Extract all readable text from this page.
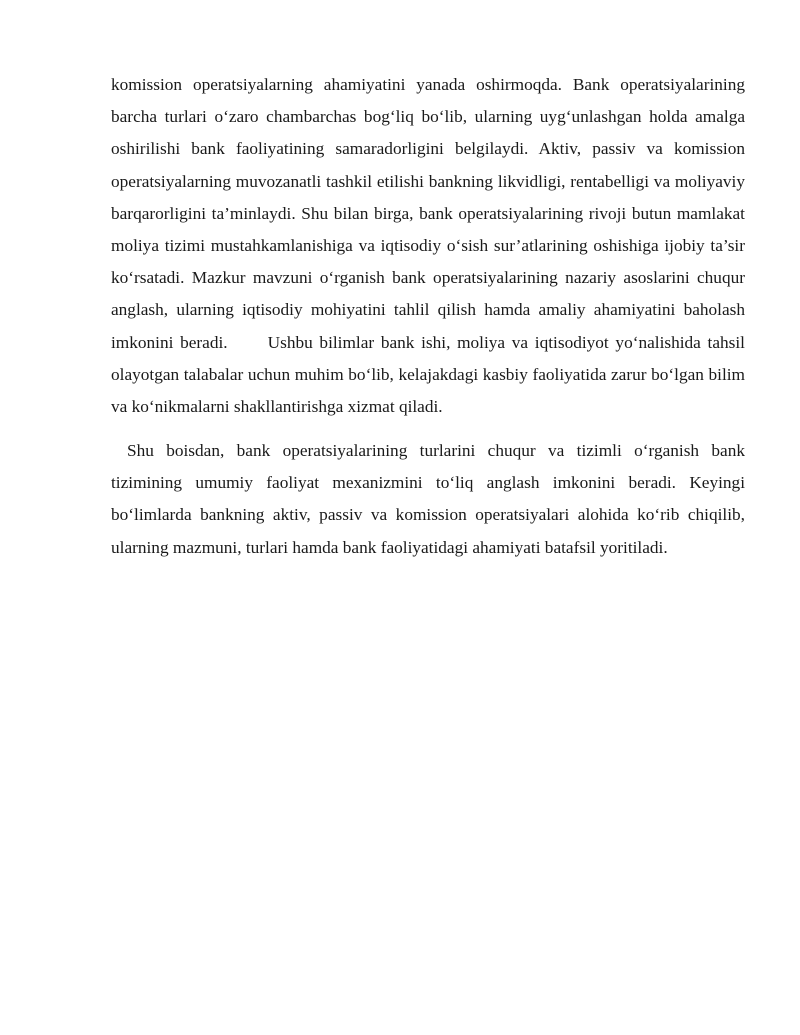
komission operatsiyalarning ahamiyatini yanada oshirmoqda. Bank operatsiyalarining barcha turlari o‘zaro chambarchas bog‘liq bo‘lib, ularning uyg‘unlashgan holda amalga oshirilishi bank faoliyatining samaradorligini belgilaydi. Aktiv, passiv va komission operatsiyalarning muvozanatli tashkil etilishi bankning likvidligi, rentabelligi va moliyaviy barqarorligini ta’minlaydi. Shu bilan birga, bank operatsiyalarining rivoji butun mamlakat moliya tizimi mustahkamlanishiga va iqtisodiy o‘sish sur’atlarining oshishiga ijobiy ta’sir ko‘rsatadi. Mazkur mavzuni o‘rganish bank operatsiyalarining nazariy asoslarini chuqur anglash, ularning iqtisodiy mohiyatini tahlil qilish hamda amaliy ahamiyatini baholash imkonini beradi. Ushbu bilimlar bank ishi, moliya va iqtisodiyot yo‘nalishida tahsil olayotgan talabalar uchun muhim bo‘lib, kelajakdagi kasbiy faoliyatida zarur bo‘lgan bilim va ko‘nikmalarni shakllantirishga xizmat qiladi.

Shu boisdan, bank operatsiyalarining turlarini chuqur va tizimli o‘rganish bank tizimining umumiy faoliyat mexanizmini to‘liq anglash imkonini beradi. Keyingi bo‘limlarda bankning aktiv, passiv va komission operatsiyalari alohida ko‘rib chiqilib, ularning mazmuni, turlari hamda bank faoliyatidagi ahamiyati batafsil yoritiladi.
